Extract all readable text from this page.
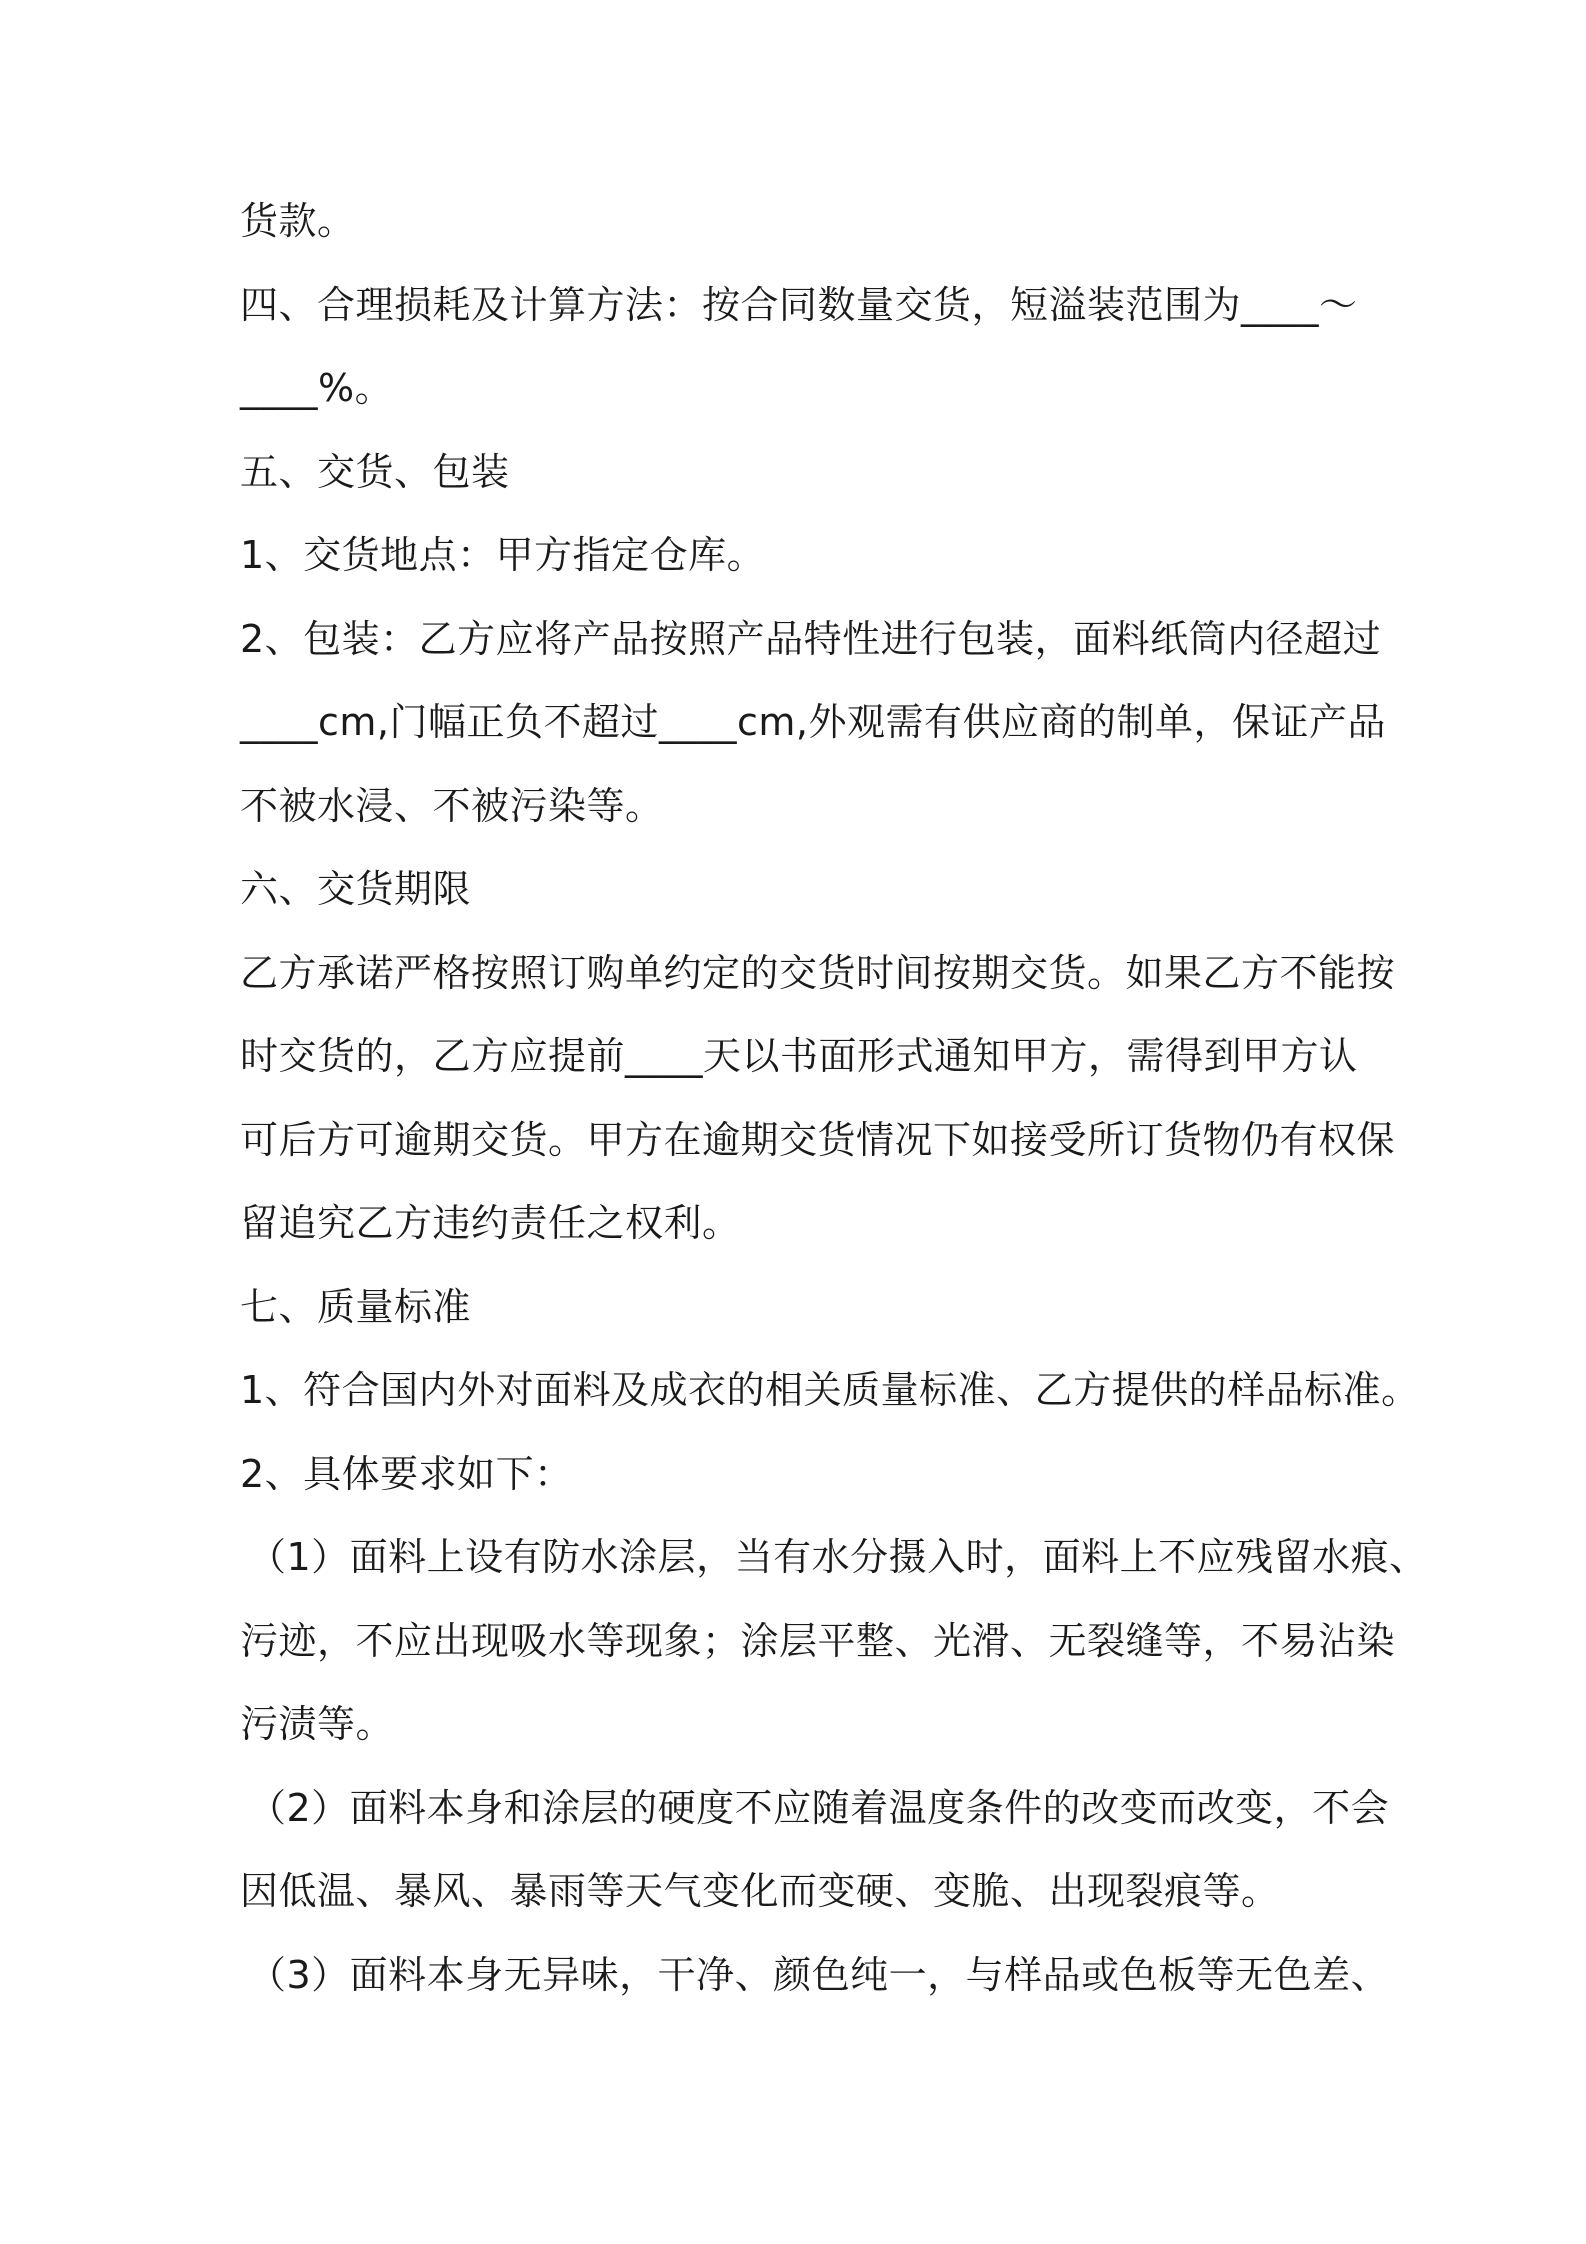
货款。
四、合理损耗及计算方法：按合同数量交货，短溢装范围为____～
____%。
五、交货、包装
1、交货地点：甲方指定仓库。
2、包装：乙方应将产品按照产品特性进行包装，面料纸筒内径超过
____cm,门幅正负不超过____cm,外观需有供应商的制单，保证产品
不被水浸、不被污染等。
六、交货期限
乙方承诺严格按照订购单约定的交货时间按期交货。如果乙方不能按
时交货的，乙方应提前____天以书面形式通知甲方，需得到甲方认
可后方可逾期交货。甲方在逾期交货情况下如接受所订货物仍有权保
留追究乙方违约责任之权利。
七、质量标准
1、符合国内外对面料及成衣的相关质量标准、乙方提供的样品标准。
2、具体要求如下：
（1）面料上设有防水涂层，当有水分摄入时，面料上不应残留水痕、
污迹，不应出现吸水等现象；涂层平整、光滑、无裂缝等，不易沾染
污渍等。
（2）面料本身和涂层的硬度不应随着温度条件的改变而改变，不会
因低温、暴风、暴雨等天气变化而变硬、变脆、出现裂痕等。
（3）面料本身无异味，干净、颜色纯一，与样品或色板等无色差、
